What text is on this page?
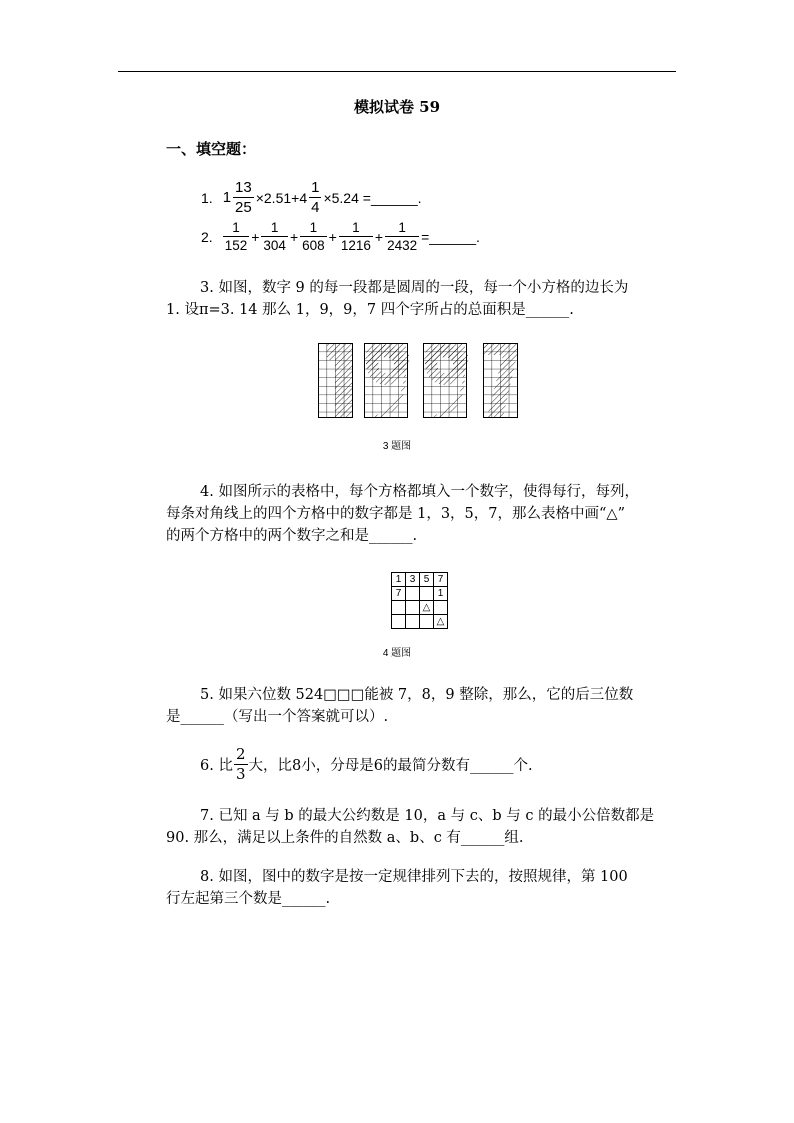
模拟试卷 59
一、填空题：
1. $1 \frac{13}{25} \times 2.51+4 \frac{1}{4} \times 5.24$ =______.
2. $\frac{1}{152} + \frac{1}{304} + \frac{1}{608} + \frac{1}{1216} + \frac{1}{2432}$ =______.
3. 如图，数字 9 的每一段都是圆周的一段，每一个小方格的边长为
1. 设π=3. 14 那么 1，9，9，7 四个字所占的总面积是______.
3 题图
4. 如图所示的表格中，每个方格都填入一个数字，使得每行，每列，
每条对角线上的四个方格中的数字都是 1，3，5，7，那么表格中画“△”
的两个方格中的两个数字之和是______.
1	3	5	7
7			1
		△	
			△
4 题图
5. 如果六位数 524□□□能被 7，8，9 整除，那么，它的后三位数
是______（写出一个答案就可以）.
6. 比 $\frac{2}{3}$ 大，比8小，分母是6的最简分数有______个.
7. 已知 a 与 b 的最大公约数是 10，a 与 c、b 与 c 的最小公倍数都是
90. 那么，满足以上条件的自然数 a、b、c 有______组.
8. 如图，图中的数字是按一定规律排列下去的，按照规律，第 100
行左起第三个数是______.
